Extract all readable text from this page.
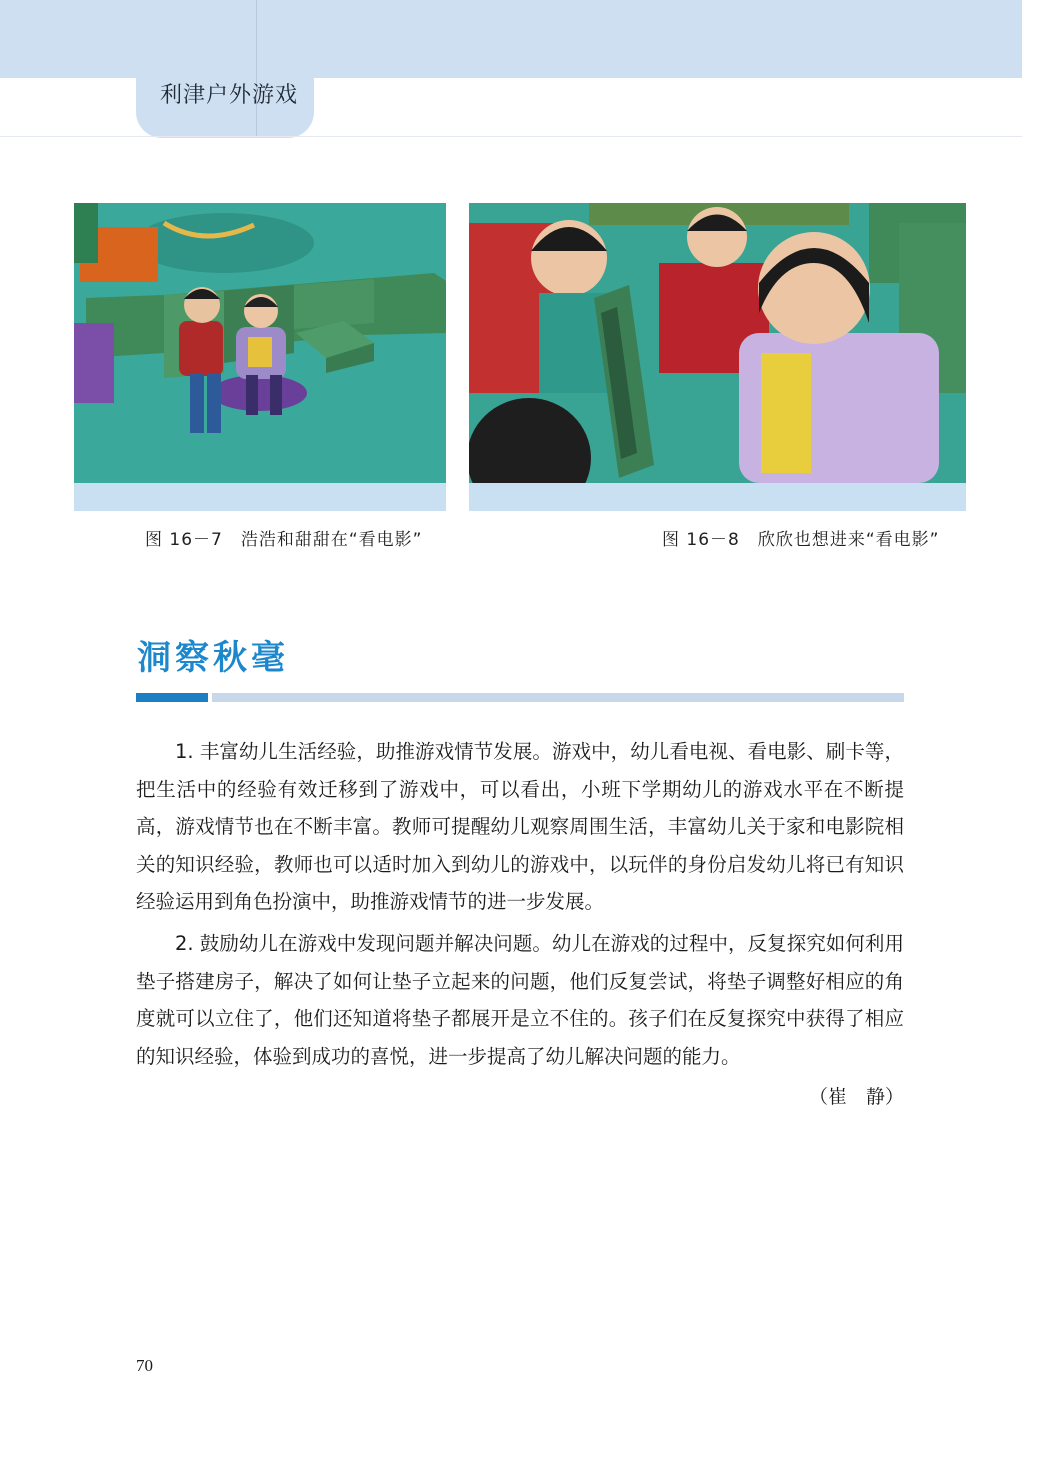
利津户外游戏
图 16－7　浩浩和甜甜在“看电影”	图 16－8　欣欣也想进来“看电影”
洞察秋毫

1. 丰富幼儿生活经验，助推游戏情节发展。游戏中，幼儿看电视、看电影、刷卡等，把生活中的经验有效迁移到了游戏中，可以看出，小班下学期幼儿的游戏水平在不断提高，游戏情节也在不断丰富。教师可提醒幼儿观察周围生活，丰富幼儿关于家和电影院相关的知识经验，教师也可以适时加入到幼儿的游戏中，以玩伴的身份启发幼儿将已有知识经验运用到角色扮演中，助推游戏情节的进一步发展。

2. 鼓励幼儿在游戏中发现问题并解决问题。幼儿在游戏的过程中，反复探究如何利用垫子搭建房子，解决了如何让垫子立起来的问题，他们反复尝试，将垫子调整好相应的角度就可以立住了，他们还知道将垫子都展开是立不住的。孩子们在反复探究中获得了相应的知识经验，体验到成功的喜悦，进一步提高了幼儿解决问题的能力。

（崔　静）
70
